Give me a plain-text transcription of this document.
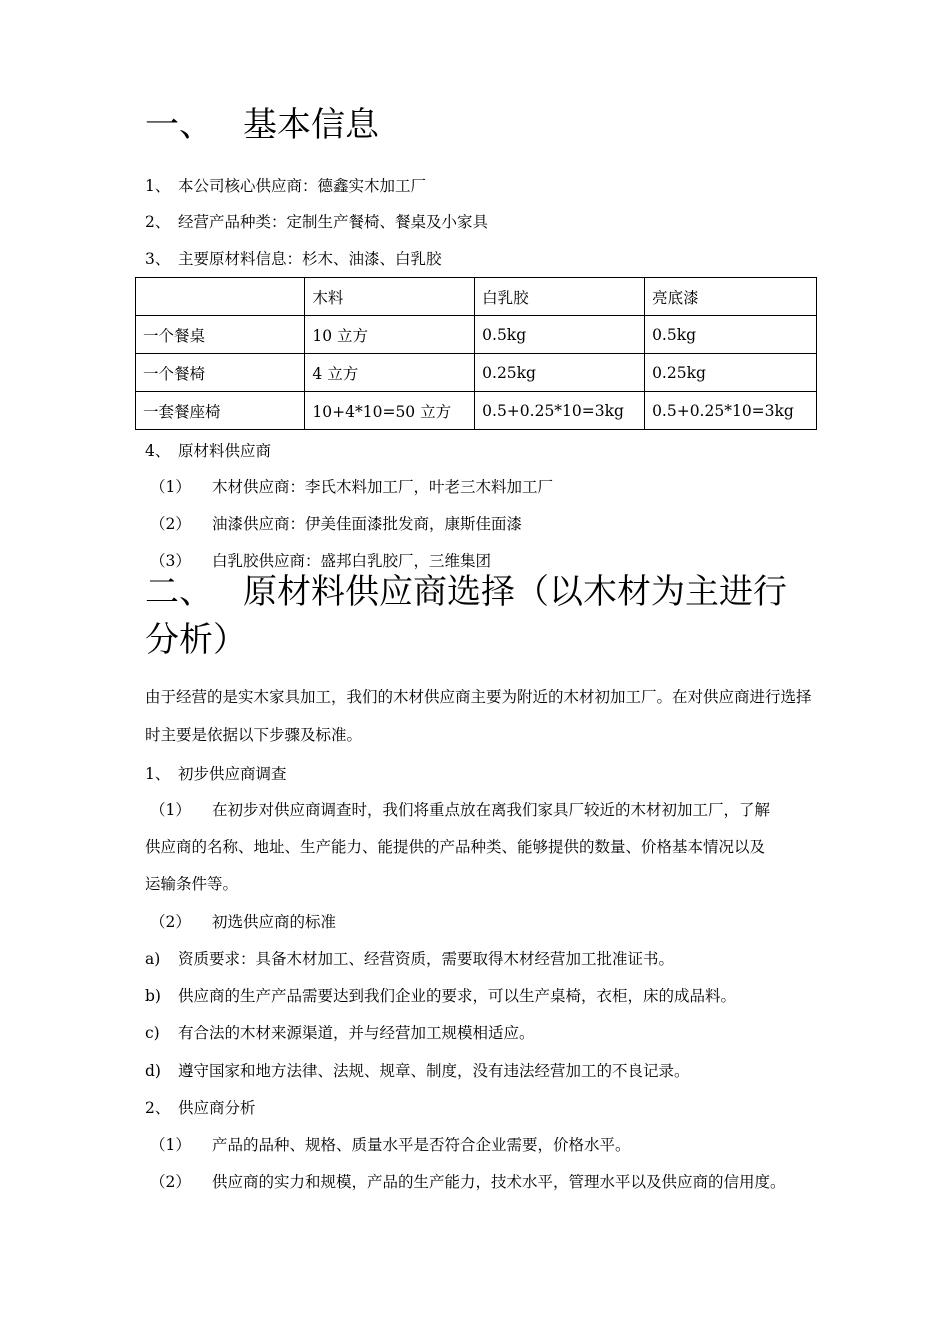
一、 基本信息
1、 本公司核心供应商：德鑫实木加工厂
2、 经营产品种类：定制生产餐椅、餐桌及小家具
3、 主要原材料信息：杉木、油漆、白乳胶
	木料	白乳胶	亮底漆
一个餐桌	10 立方	0.5kg	0.5kg
一个餐椅	4 立方	0.25kg	0.25kg
一套餐座椅	10+4*10=50 立方	0.5+0.25*10=3kg	0.5+0.25*10=3kg
4、 原材料供应商
（1） 木材供应商：李氏木料加工厂，叶老三木料加工厂
（2） 油漆供应商：伊美佳面漆批发商，康斯佳面漆
（3） 白乳胶供应商：盛邦白乳胶厂，三维集团
二、 原材料供应商选择（以木材为主进行
分析）
由于经营的是实木家具加工，我们的木材供应商主要为附近的木材初加工厂。在对供应商进行选择时主要是依据以下步骤及标准。
1、 初步供应商调查
（1） 在初步对供应商调查时，我们将重点放在离我们家具厂较近的木材初加工厂，了解
供应商的名称、地址、生产能力、能提供的产品种类、能够提供的数量、价格基本情况以及
运输条件等。
（2） 初选供应商的标准
a) 资质要求：具备木材加工、经营资质，需要取得木材经营加工批准证书。
b) 供应商的生产产品需要达到我们企业的要求，可以生产桌椅，衣柜，床的成品料。
c) 有合法的木材来源渠道，并与经营加工规模相适应。
d) 遵守国家和地方法律、法规、规章、制度，没有违法经营加工的不良记录。
2、 供应商分析
（1） 产品的品种、规格、质量水平是否符合企业需要，价格水平。
（2） 供应商的实力和规模，产品的生产能力，技术水平，管理水平以及供应商的信用度。
